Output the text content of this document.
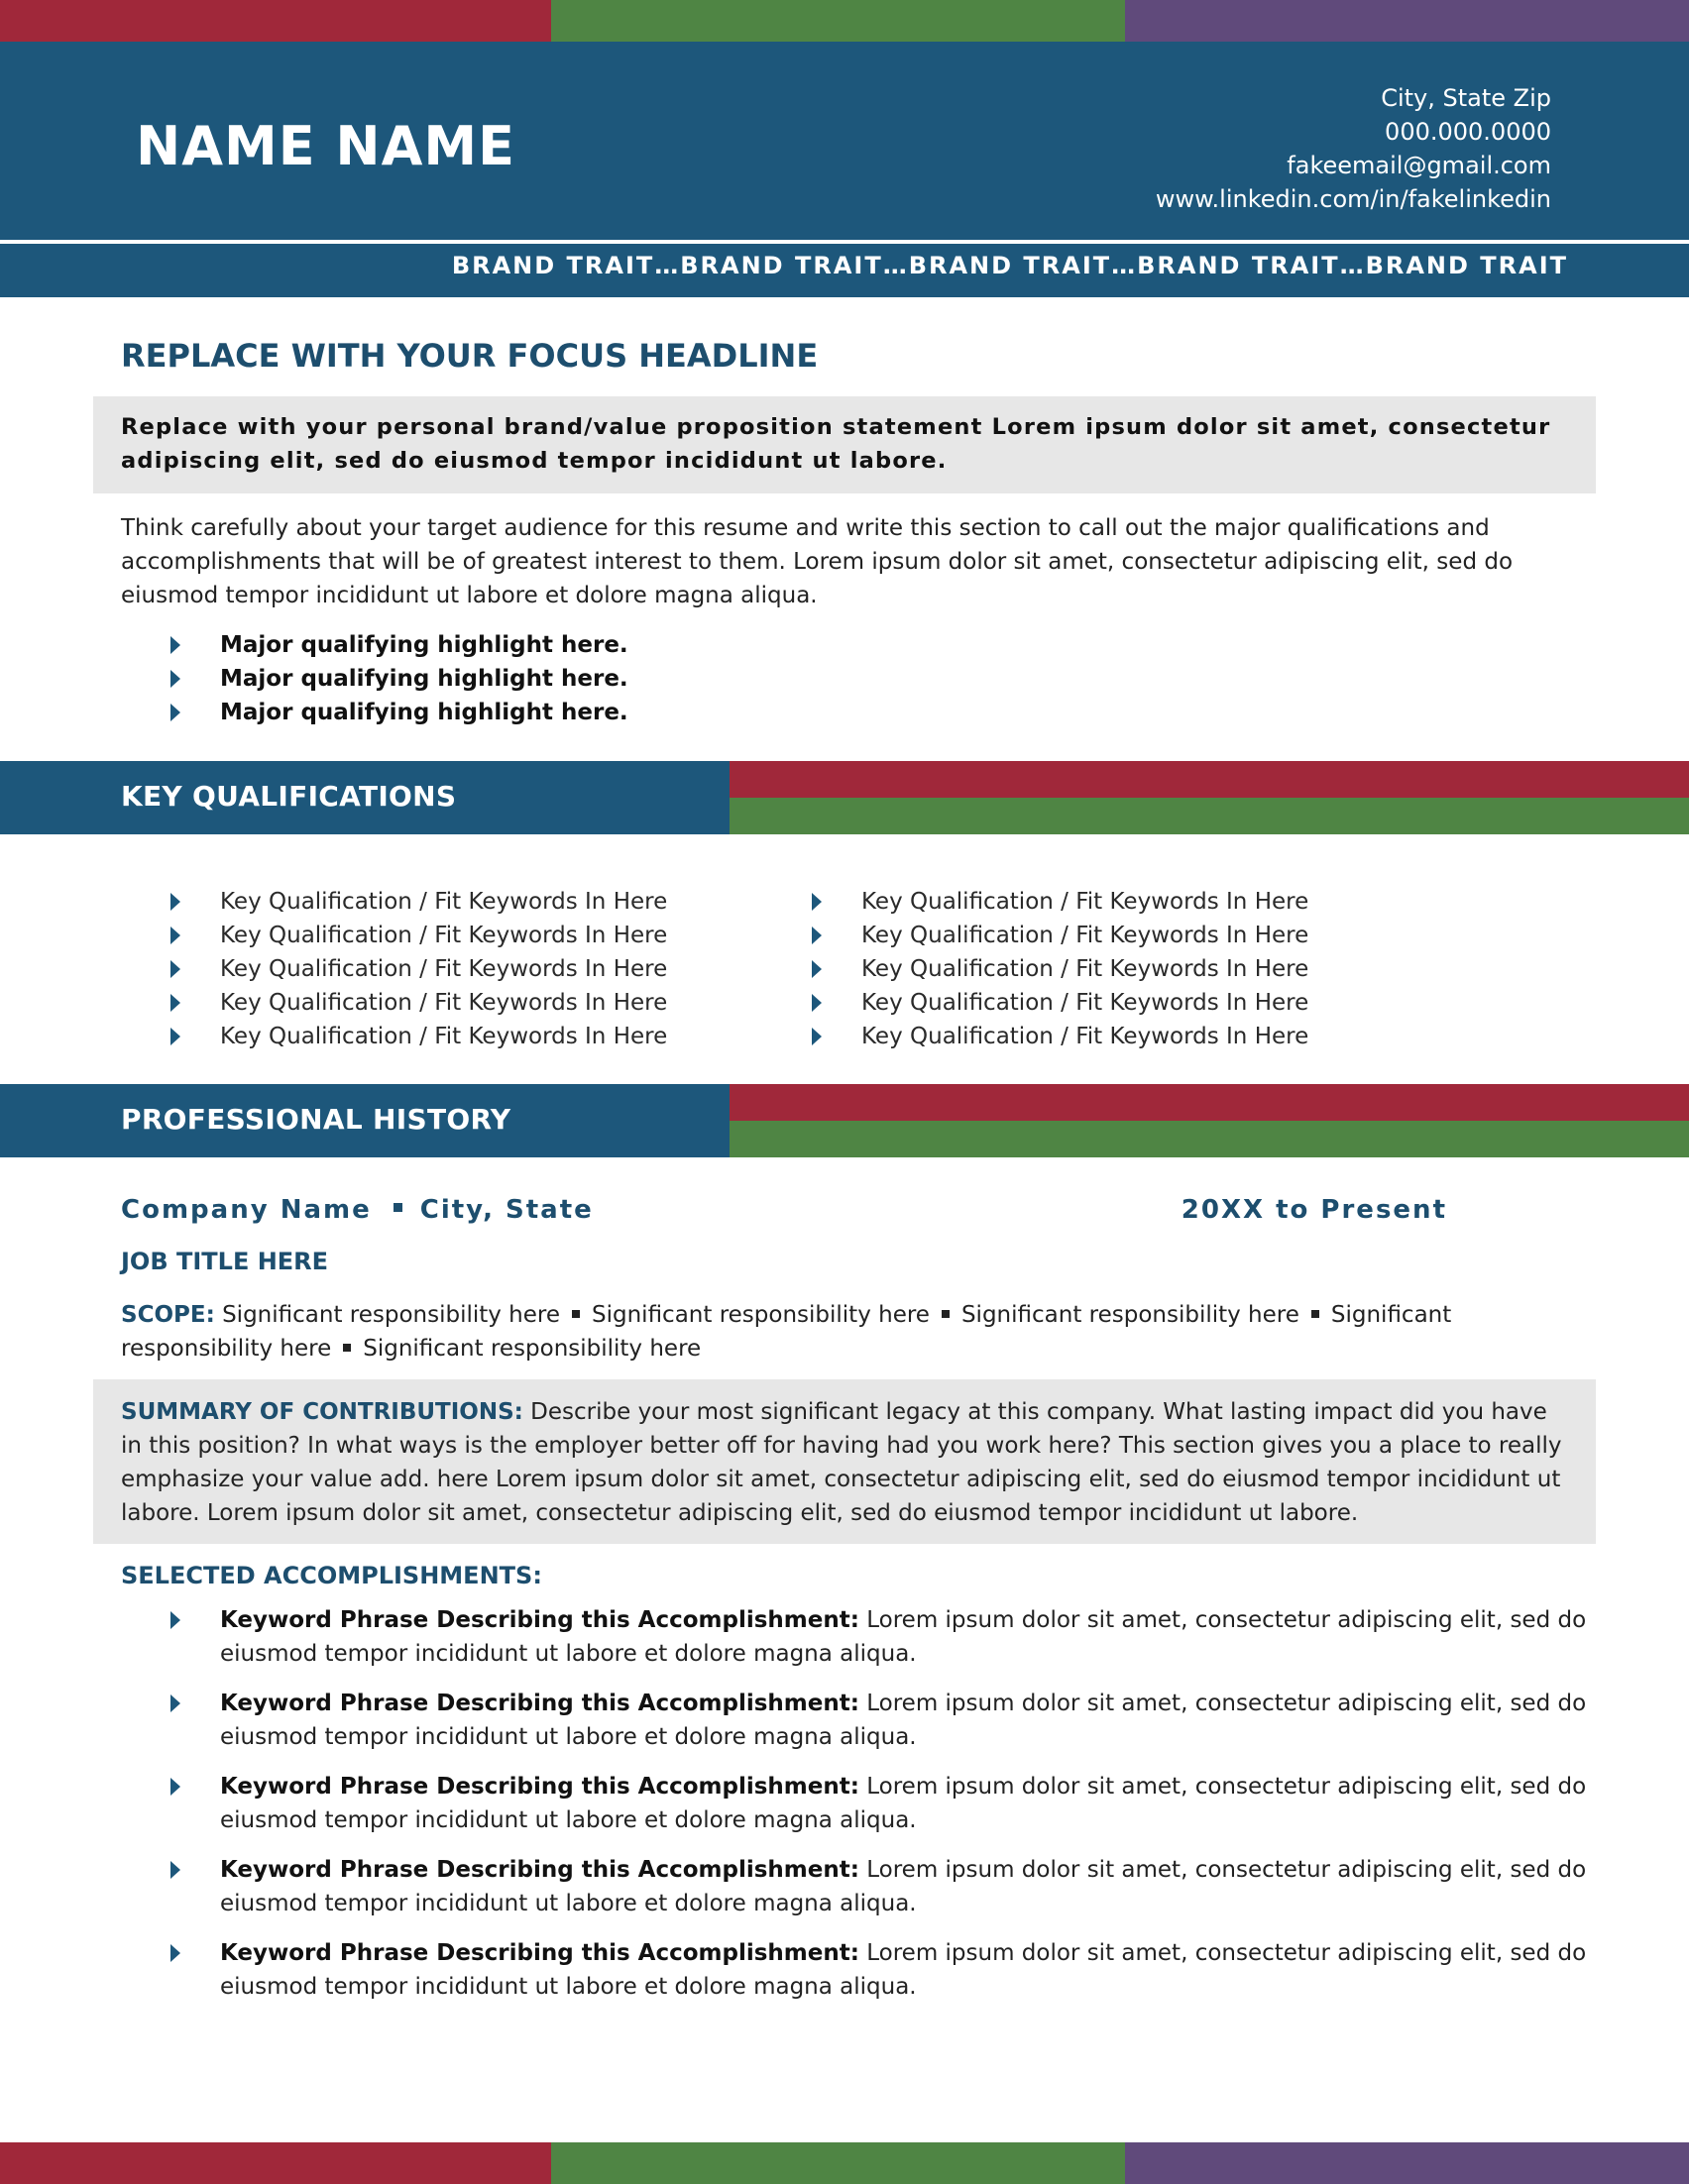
NAME NAME
City, State Zip
000.000.0000
fakeemail@gmail.com
www.linkedin.com/in/fakelinkedin
BRAND TRAIT…BRAND TRAIT…BRAND TRAIT…BRAND TRAIT…BRAND TRAIT
REPLACE WITH YOUR FOCUS HEADLINE
Replace with your personal brand/value proposition statement Lorem ipsum dolor sit amet, consectetur adipiscing elit, sed do eiusmod tempor incididunt ut labore.
Think carefully about your target audience for this resume and write this section to call out the major qualifications and accomplishments that will be of greatest interest to them. Lorem ipsum dolor sit amet, consectetur adipiscing elit, sed do eiusmod tempor incididunt ut labore et dolore magna aliqua.
Major qualifying highlight here.
Major qualifying highlight here.
Major qualifying highlight here.
KEY QUALIFICATIONS
Key Qualification / Fit Keywords In Here
Key Qualification / Fit Keywords In Here
Key Qualification / Fit Keywords In Here
Key Qualification / Fit Keywords In Here
Key Qualification / Fit Keywords In Here
Key Qualification / Fit Keywords In Here
Key Qualification / Fit Keywords In Here
Key Qualification / Fit Keywords In Here
Key Qualification / Fit Keywords In Here
Key Qualification / Fit Keywords In Here
PROFESSIONAL HISTORY
Company Name City, State	20XX to Present
JOB TITLE HERE
SCOPE: Significant responsibility here Significant responsibility here Significant responsibility here Significant responsibility here Significant responsibility here
SUMMARY OF CONTRIBUTIONS: Describe your most significant legacy at this company. What lasting impact did you have in this position? In what ways is the employer better off for having had you work here? This section gives you a place to really emphasize your value add. here Lorem ipsum dolor sit amet, consectetur adipiscing elit, sed do eiusmod tempor incididunt ut labore. Lorem ipsum dolor sit amet, consectetur adipiscing elit, sed do eiusmod tempor incididunt ut labore.
SELECTED ACCOMPLISHMENTS:
Keyword Phrase Describing this Accomplishment: Lorem ipsum dolor sit amet, consectetur adipiscing elit, sed do eiusmod tempor incididunt ut labore et dolore magna aliqua.
Keyword Phrase Describing this Accomplishment: Lorem ipsum dolor sit amet, consectetur adipiscing elit, sed do eiusmod tempor incididunt ut labore et dolore magna aliqua.
Keyword Phrase Describing this Accomplishment: Lorem ipsum dolor sit amet, consectetur adipiscing elit, sed do eiusmod tempor incididunt ut labore et dolore magna aliqua.
Keyword Phrase Describing this Accomplishment: Lorem ipsum dolor sit amet, consectetur adipiscing elit, sed do eiusmod tempor incididunt ut labore et dolore magna aliqua.
Keyword Phrase Describing this Accomplishment: Lorem ipsum dolor sit amet, consectetur adipiscing elit, sed do eiusmod tempor incididunt ut labore et dolore magna aliqua.
